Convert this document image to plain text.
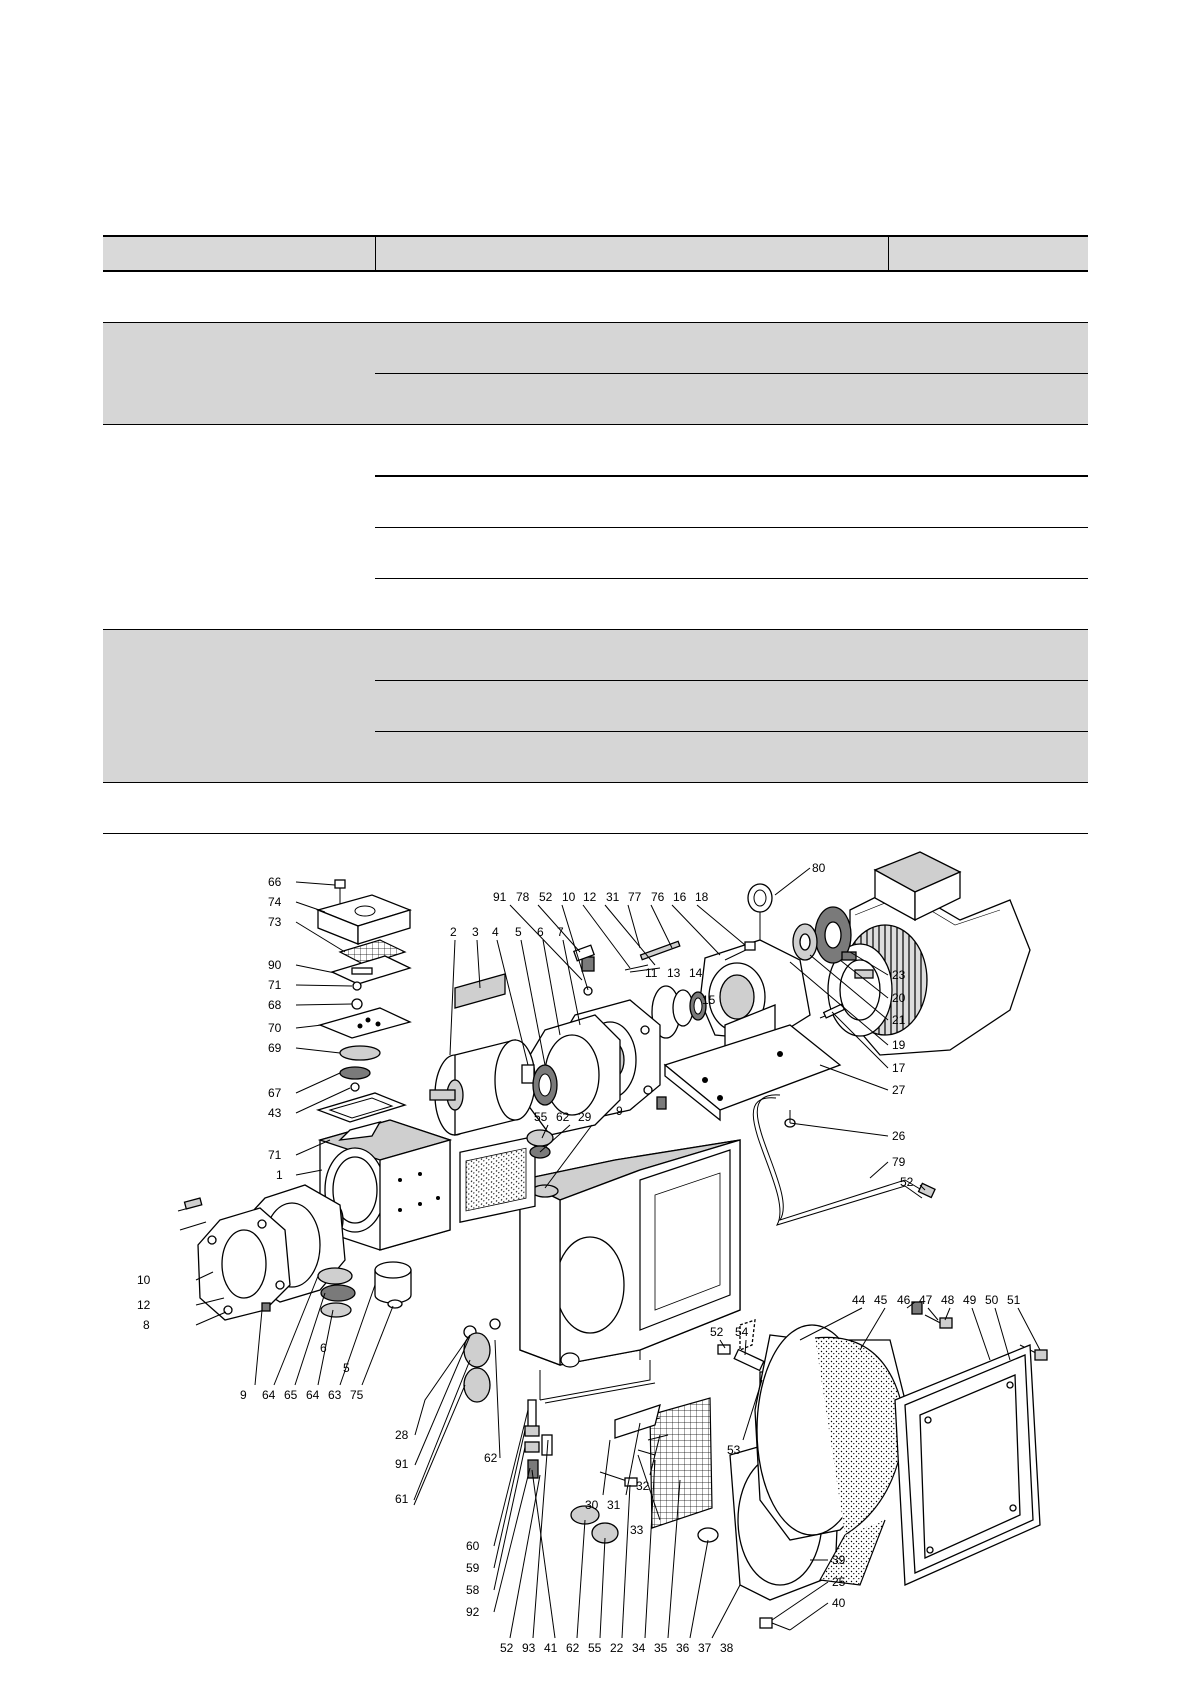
66
74
73
90
71
68
70
69
67
43
71
1
10
12
8
9 64 65 64 63 75
2 3 4 5 6 7
5
6
9
91 78 52 10 12 31 77 76 16 18
11 13 14
15
80
23
20
21
19
17
27
26
79
52
55 62 29
28
91
61
62
60
59
58
92
52 93 41 62 55 22 34 35 36 37 38
30 31
32
33
52 54
53
44 45 46 47 48 49 50 51
39
25
40
